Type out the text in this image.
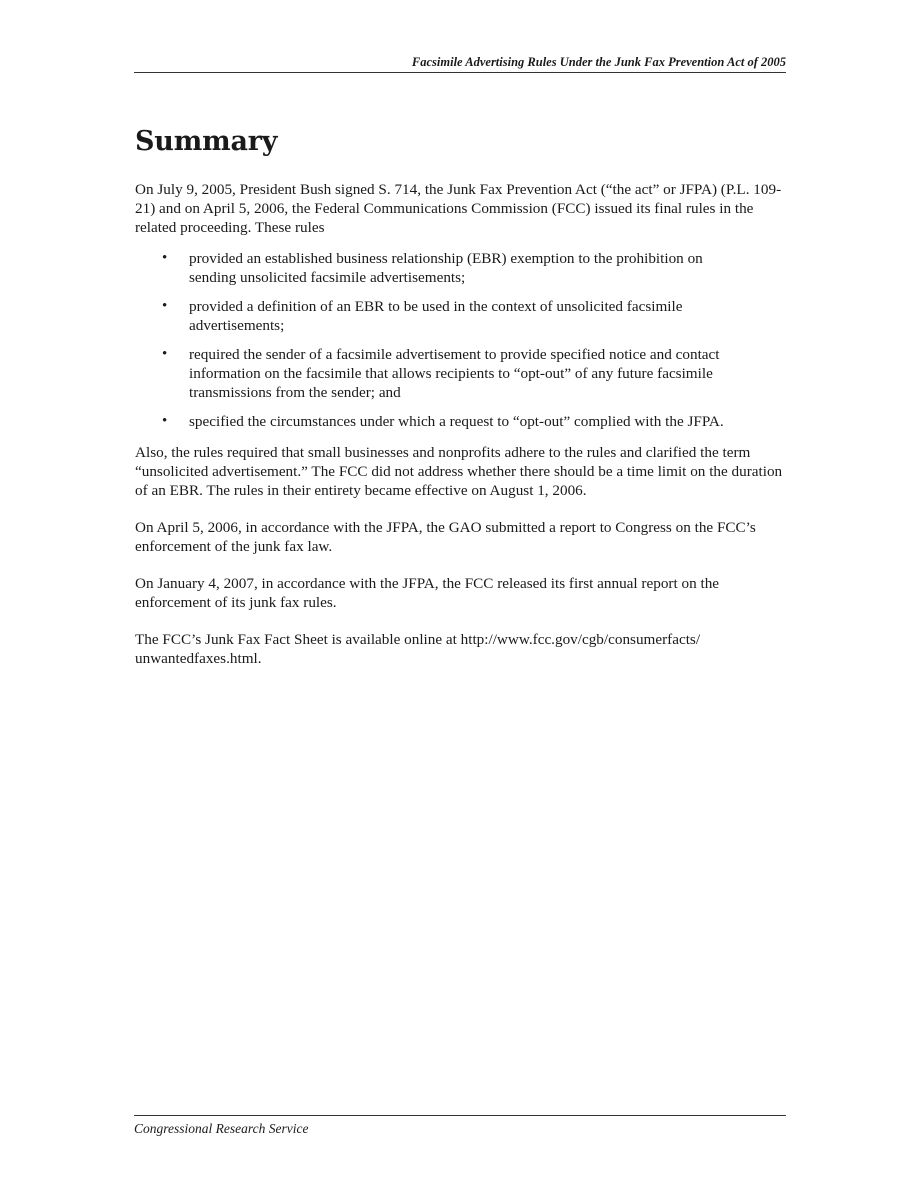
Facsimile Advertising Rules Under the Junk Fax Prevention Act of 2005
Summary

On July 9, 2005, President Bush signed S. 714, the Junk Fax Prevention Act (“the act” or JFPA) (P.L. 109-21) and on April 5, 2006, the Federal Communications Commission (FCC) issued its final rules in the related proceeding. These rules

• provided an established business relationship (EBR) exemption to the prohibition on sending unsolicited facsimile advertisements;
• provided a definition of an EBR to be used in the context of unsolicited facsimile advertisements;
• required the sender of a facsimile advertisement to provide specified notice and contact information on the facsimile that allows recipients to “opt-out” of any future facsimile transmissions from the sender; and
• specified the circumstances under which a request to “opt-out” complied with the JFPA.

Also, the rules required that small businesses and nonprofits adhere to the rules and clarified the term “unsolicited advertisement.” The FCC did not address whether there should be a time limit on the duration of an EBR. The rules in their entirety became effective on August 1, 2006.

On April 5, 2006, in accordance with the JFPA, the GAO submitted a report to Congress on the FCC’s enforcement of the junk fax law.

On January 4, 2007, in accordance with the JFPA, the FCC released its first annual report on the enforcement of its junk fax rules.

The FCC’s Junk Fax Fact Sheet is available online at http://www.fcc.gov/cgb/consumerfacts/ unwantedfaxes.html.

Congressional Research Service
